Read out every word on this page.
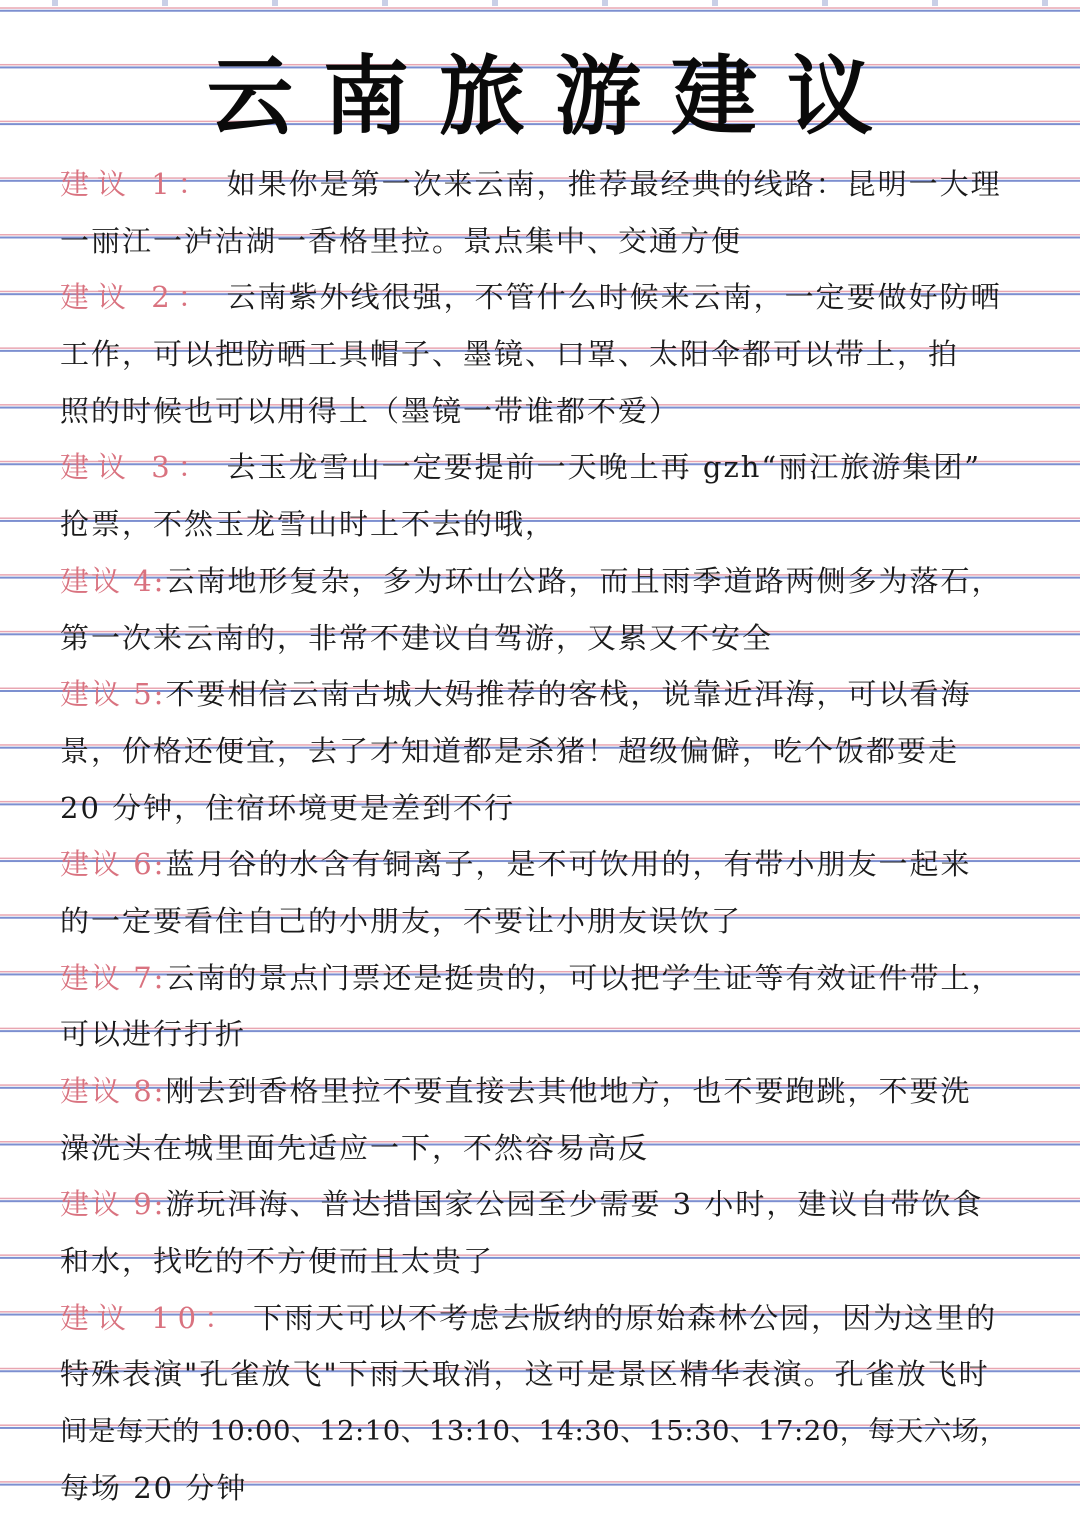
云南旅游建议
建议 1： 如果你是第一次来云南，推荐最经典的线路：昆明一大理
一丽江一泸沽湖一香格里拉。景点集中、交通方便
建议 2： 云南紫外线很强，不管什么时候来云南，一定要做好防晒
工作，可以把防晒工具帽子、墨镜、口罩、太阳伞都可以带上，拍
照的时候也可以用得上（墨镜一带谁都不爱）
建议 3： 去玉龙雪山一定要提前一天晚上再 gzh“丽江旅游集团”
抢票，不然玉龙雪山时上不去的哦，
建议 4:云南地形复杂，多为环山公路，而且雨季道路两侧多为落石，
第一次来云南的，非常不建议自驾游，又累又不安全
建议 5:不要相信云南古城大妈推荐的客栈，说靠近洱海，可以看海
景，价格还便宜，去了才知道都是杀猪！超级偏僻，吃个饭都要走
20 分钟，住宿环境更是差到不行
建议 6:蓝月谷的水含有铜离子，是不可饮用的，有带小朋友一起来
的一定要看住自己的小朋友，不要让小朋友误饮了
建议 7:云南的景点门票还是挺贵的，可以把学生证等有效证件带上，
可以进行打折
建议 8:刚去到香格里拉不要直接去其他地方，也不要跑跳，不要洗
澡洗头在城里面先适应一下，不然容易高反
建议 9:游玩洱海、普达措国家公园至少需要 3 小时，建议自带饮食
和水，找吃的不方便而且太贵了
建议 10： 下雨天可以不考虑去版纳的原始森林公园，因为这里的
特殊表演"孔雀放飞"下雨天取消，这可是景区精华表演。孔雀放飞时
间是每天的 10:00、12:10、13:10、14:30、15:30、17:20，每天六场，
每场 20 分钟
